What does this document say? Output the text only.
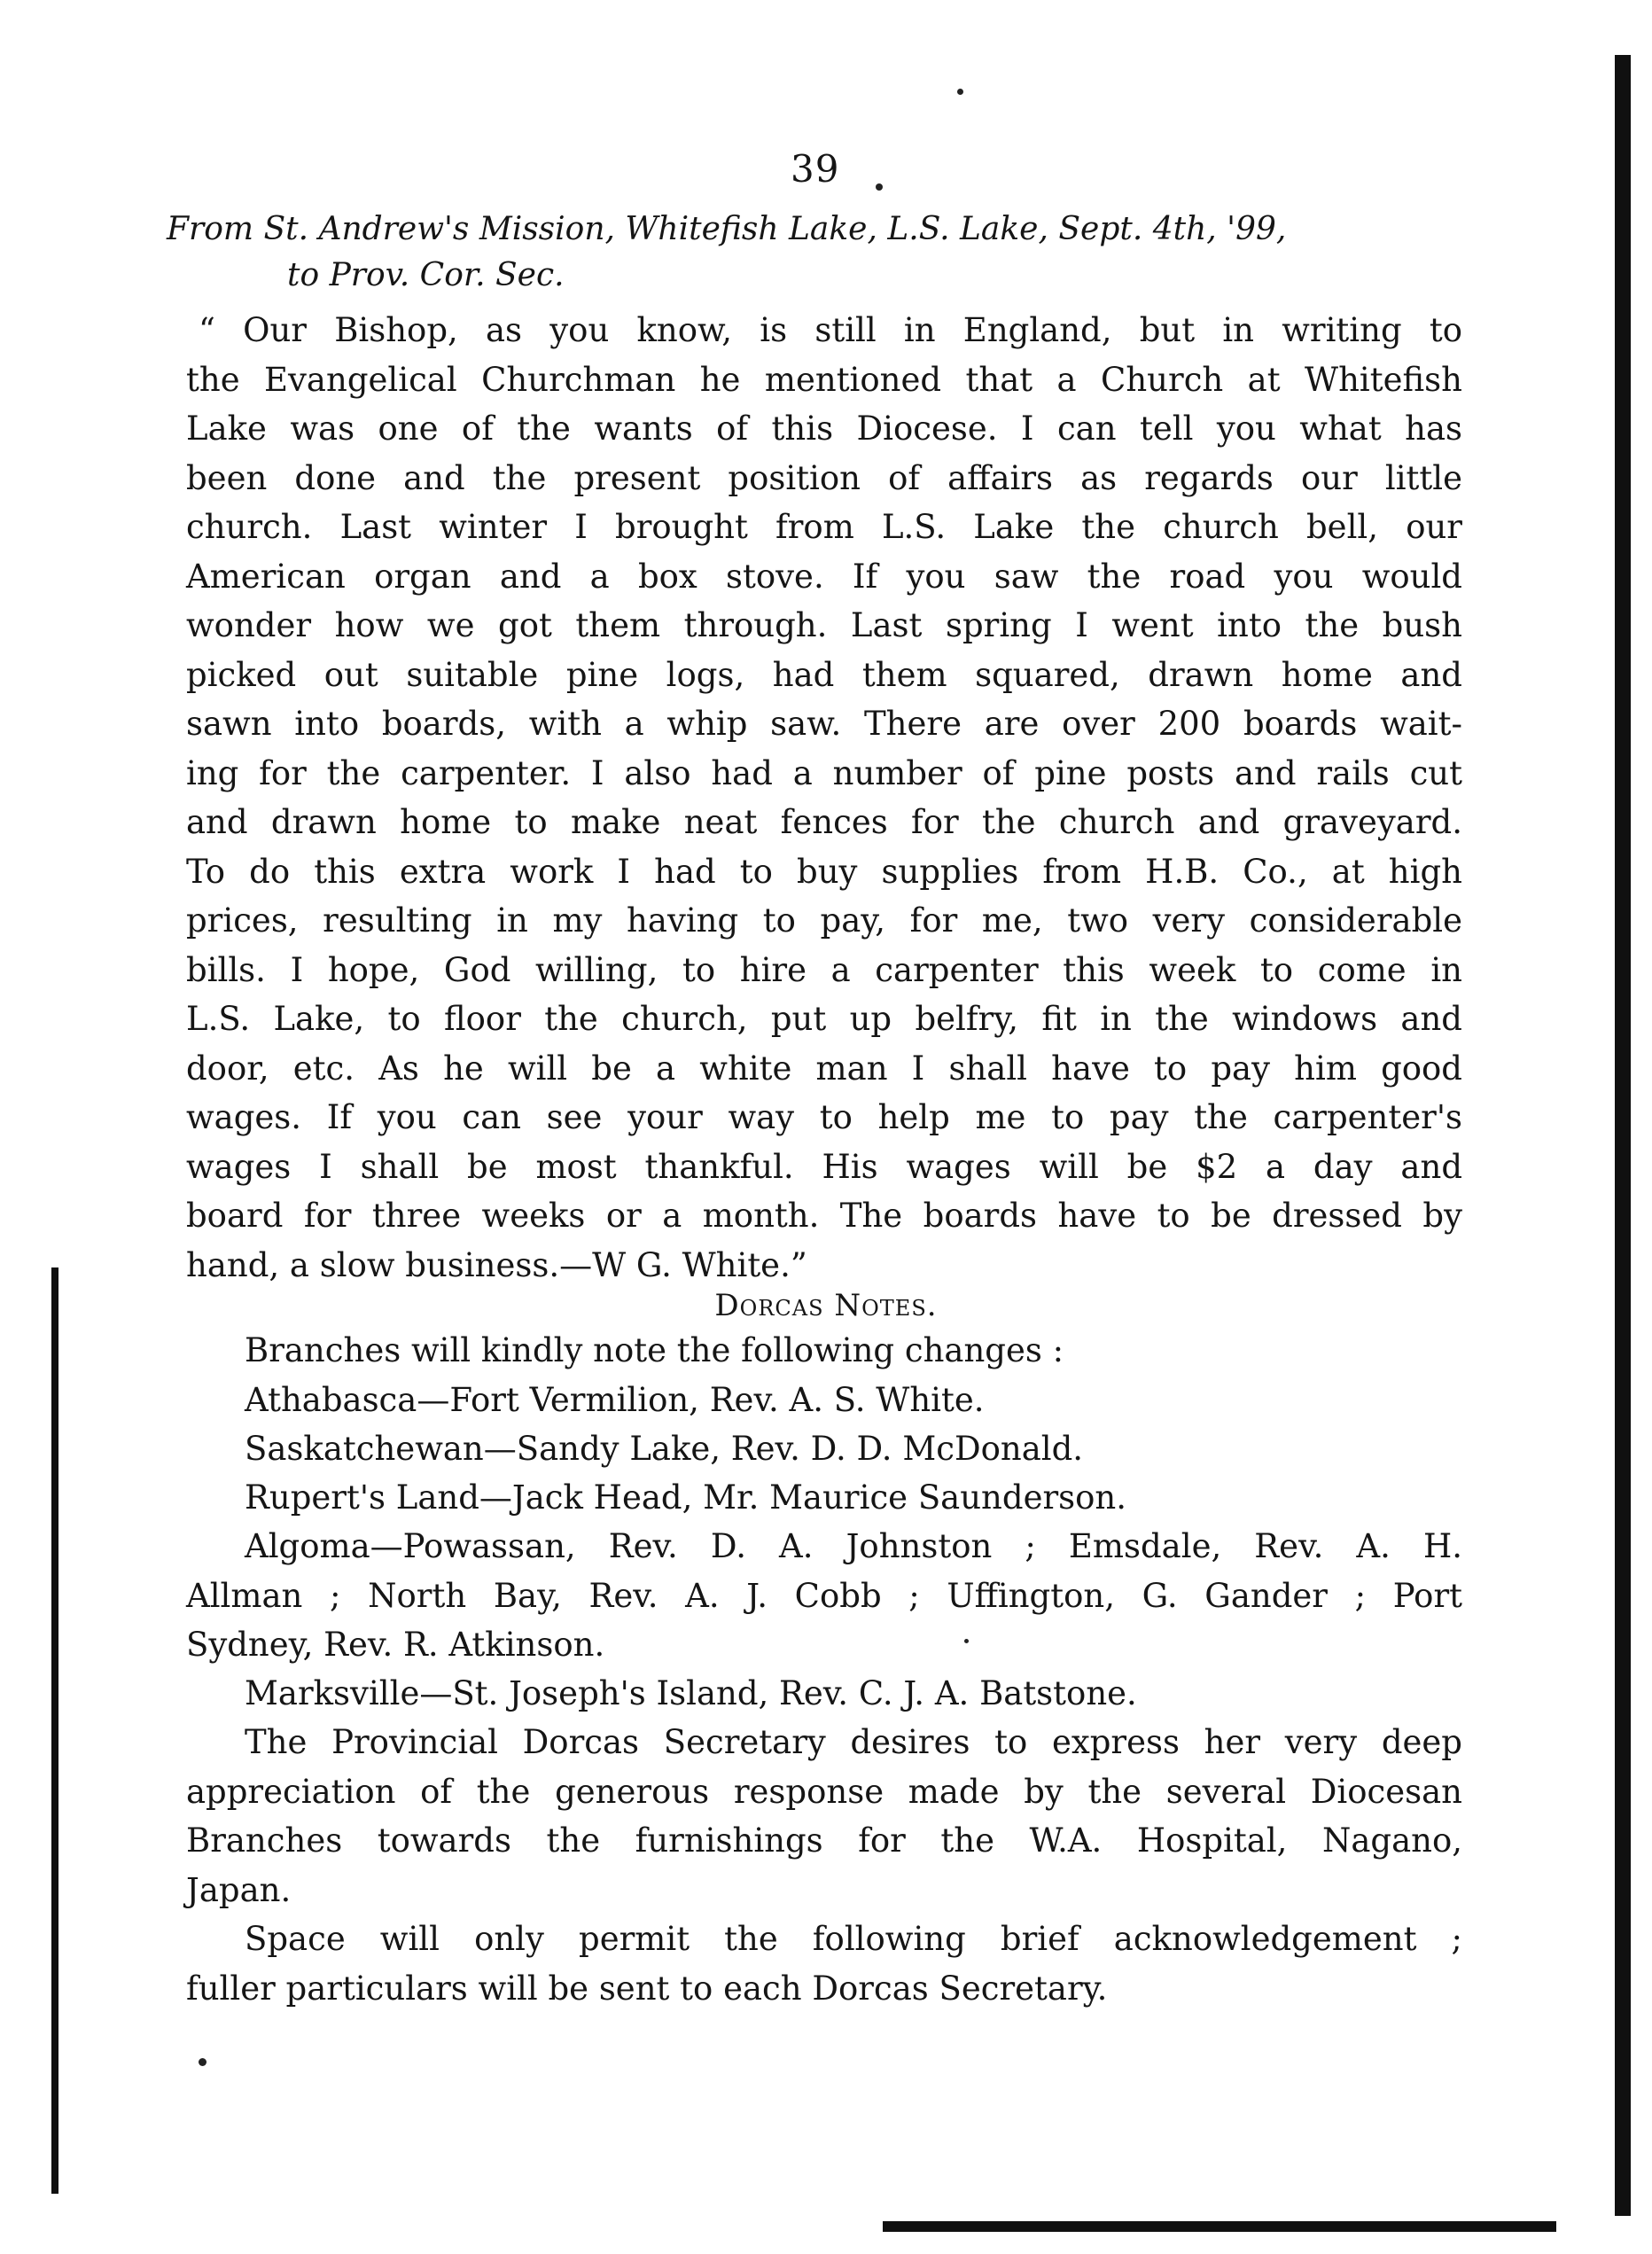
39
From St. Andrew's Mission, Whitefish Lake, L.S. Lake, Sept. 4th, '99,
to Prov. Cor. Sec.
“ Our Bishop, as you know, is still in England, but in writing to
the Evangelical Churchman he mentioned that a Church at Whitefish
Lake was one of the wants of this Diocese. I can tell you what has
been done and the present position of affairs as regards our little
church. Last winter I brought from L.S. Lake the church bell, our
American organ and a box stove. If you saw the road you would
wonder how we got them through. Last spring I went into the bush
picked out suitable pine logs, had them squared, drawn home and
sawn into boards, with a whip saw. There are over 200 boards wait-
ing for the carpenter. I also had a number of pine posts and rails cut
and drawn home to make neat fences for the church and graveyard.
To do this extra work I had to buy supplies from H.B. Co., at high
prices, resulting in my having to pay, for me, two very considerable
bills. I hope, God willing, to hire a carpenter this week to come in
L.S. Lake, to floor the church, put up belfry, fit in the windows and
door, etc. As he will be a white man I shall have to pay him good
wages. If you can see your way to help me to pay the carpenter's
wages I shall be most thankful. His wages will be $2 a day and
board for three weeks or a month. The boards have to be dressed by
hand, a slow business.—W G. White.”
Dorcas Notes.
Branches will kindly note the following changes :
Athabasca—Fort Vermilion, Rev. A. S. White.
Saskatchewan—Sandy Lake, Rev. D. D. McDonald.
Rupert's Land—Jack Head, Mr. Maurice Saunderson.
Algoma—Powassan, Rev. D. A. Johnston ; Emsdale, Rev. A. H.
Allman ; North Bay, Rev. A. J. Cobb ; Uffington, G. Gander ; Port
Sydney, Rev. R. Atkinson.
Marksville—St. Joseph's Island, Rev. C. J. A. Batstone.
The Provincial Dorcas Secretary desires to express her very deep
appreciation of the generous response made by the several Diocesan
Branches towards the furnishings for the W.A. Hospital, Nagano,
Japan.
Space will only permit the following brief acknowledgement ;
fuller particulars will be sent to each Dorcas Secretary.
